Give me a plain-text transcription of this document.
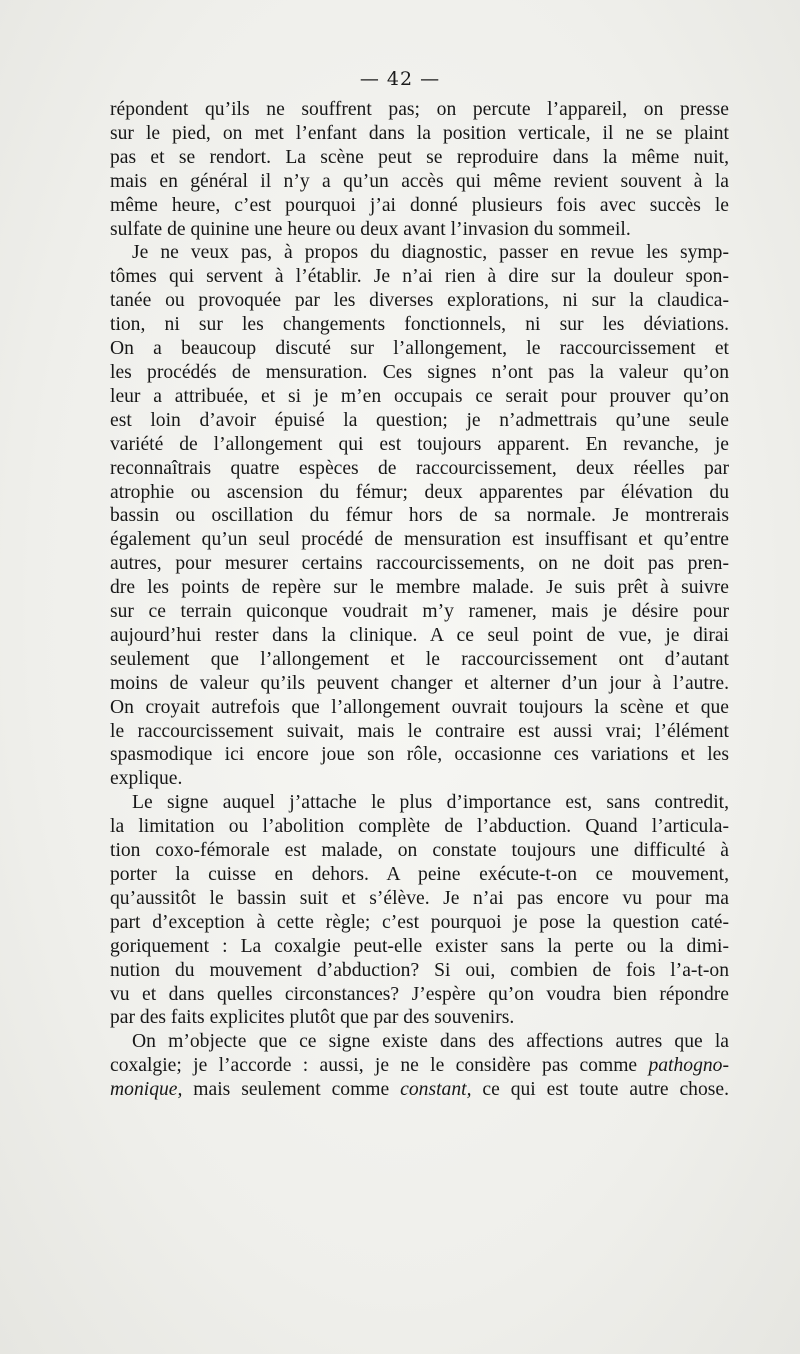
— 42 —
répondent qu’ils ne souffrent pas; on percute l’appareil, on presse
sur le pied, on met l’enfant dans la position verticale, il ne se plaint
pas et se rendort. La scène peut se reproduire dans la même nuit,
mais en général il n’y a qu’un accès qui même revient souvent à la
même heure, c’est pourquoi j’ai donné plusieurs fois avec succès le
sulfate de quinine une heure ou deux avant l’invasion du sommeil.
Je ne veux pas, à propos du diagnostic, passer en revue les symp-
tômes qui servent à l’établir. Je n’ai rien à dire sur la douleur spon-
tanée ou provoquée par les diverses explorations, ni sur la claudica-
tion, ni sur les changements fonctionnels, ni sur les déviations.
On a beaucoup discuté sur l’allongement, le raccourcissement et
les procédés de mensuration. Ces signes n’ont pas la valeur qu’on
leur a attribuée, et si je m’en occupais ce serait pour prouver qu’on
est loin d’avoir épuisé la question; je n’admettrais qu’une seule
variété de l’allongement qui est toujours apparent. En revanche, je
reconnaîtrais quatre espèces de raccourcissement, deux réelles par
atrophie ou ascension du fémur; deux apparentes par élévation du
bassin ou oscillation du fémur hors de sa normale. Je montrerais
également qu’un seul procédé de mensuration est insuffisant et qu’entre
autres, pour mesurer certains raccourcissements, on ne doit pas pren-
dre les points de repère sur le membre malade. Je suis prêt à suivre
sur ce terrain quiconque voudrait m’y ramener, mais je désire pour
aujourd’hui rester dans la clinique. A ce seul point de vue, je dirai
seulement que l’allongement et le raccourcissement ont d’autant
moins de valeur qu’ils peuvent changer et alterner d’un jour à l’autre.
On croyait autrefois que l’allongement ouvrait toujours la scène et que
le raccourcissement suivait, mais le contraire est aussi vrai; l’élément
spasmodique ici encore joue son rôle, occasionne ces variations et les
explique.
Le signe auquel j’attache le plus d’importance est, sans contredit,
la limitation ou l’abolition complète de l’abduction. Quand l’articula-
tion coxo-fémorale est malade, on constate toujours une difficulté à
porter la cuisse en dehors. A peine exécute-t-on ce mouvement,
qu’aussitôt le bassin suit et s’élève. Je n’ai pas encore vu pour ma
part d’exception à cette règle; c’est pourquoi je pose la question caté-
goriquement : La coxalgie peut-elle exister sans la perte ou la dimi-
nution du mouvement d’abduction? Si oui, combien de fois l’a-t-on
vu et dans quelles circonstances? J’espère qu’on voudra bien répondre
par des faits explicites plutôt que par des souvenirs.
On m’objecte que ce signe existe dans des affections autres que la
coxalgie; je l’accorde : aussi, je ne le considère pas comme pathogno-
monique, mais seulement comme constant, ce qui est toute autre chose.
